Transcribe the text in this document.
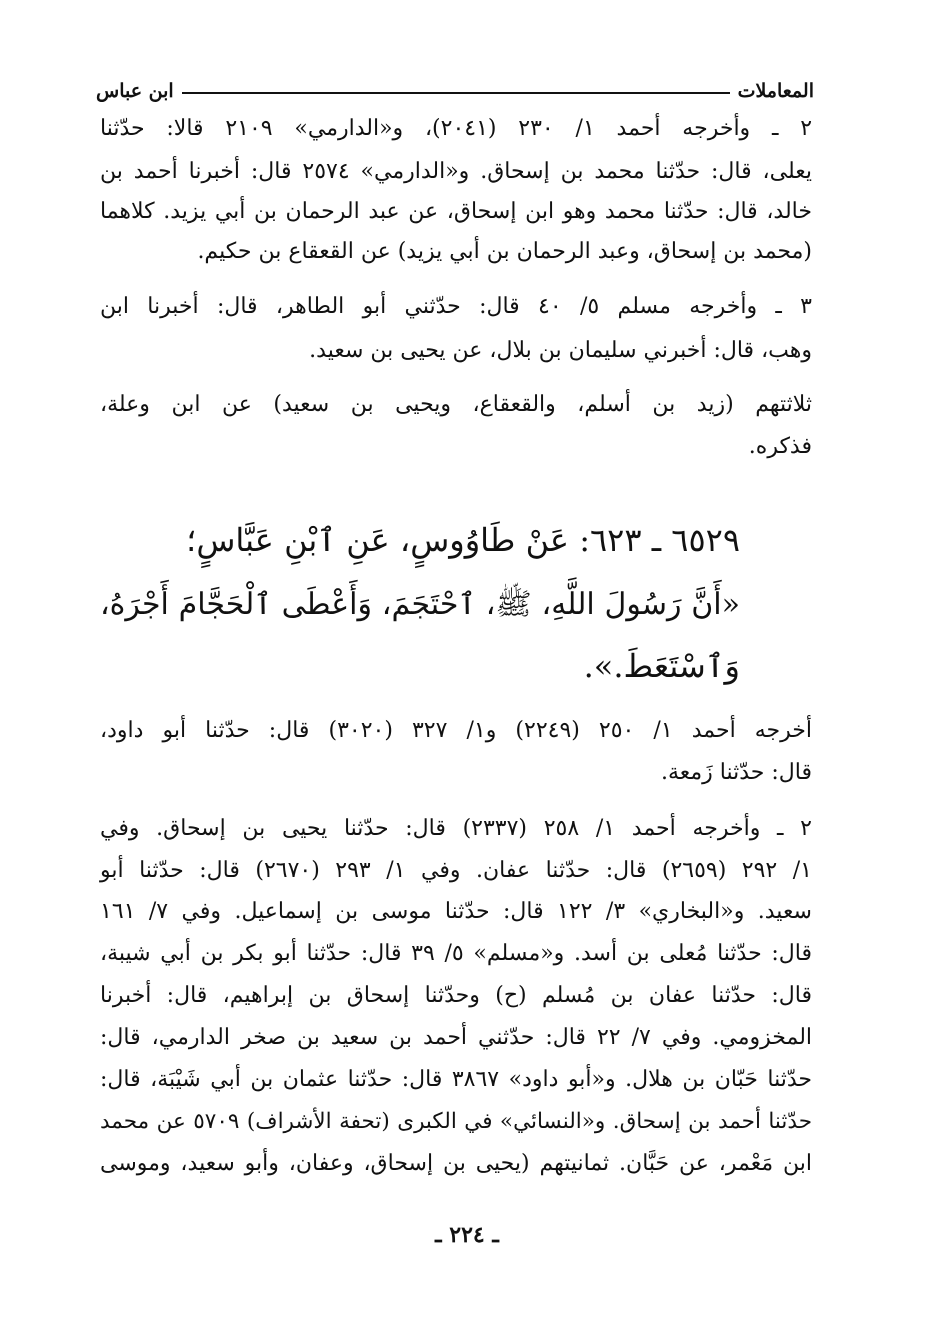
المعاملات
ابن عباس
٢ ـ وأخرجه أحمد ١/ ٢٣٠ (٢٠٤١)، و«الدارمي» ٢١٠٩ قالا: حدّثنا
يعلى، قال: حدّثنا محمد بن إسحاق. و«الدارمي» ٢٥٧٤ قال: أخبرنا أحمد بن
خالد، قال: حدّثنا محمد وهو ابن إسحاق، عن عبد الرحمان بن أبي يزيد. كلاهما
(محمد بن إسحاق، وعبد الرحمان بن أبي يزيد) عن القعقاع بن حكيم.
٣ ـ وأخرجه مسلم ٥/ ٤٠ قال: حدّثني أبو الطاهر، قال: أخبرنا ابن
وهب، قال: أخبرني سليمان بن بلال، عن يحيى بن سعيد.
ثلاثتهم (زيد بن أسلم، والقعقاع، ويحيى بن سعيد) عن ابن وعلة،
فذكره.
٦٥٢٩ ـ ٦٢٣: عَنْ طَاوُوسٍ، عَنِ ٱبْنِ عَبَّاسٍ؛
«أَنَّ رَسُولَ اللَّهِ، ﷺ، ٱحْتَجَمَ، وَأَعْطَى ٱلْحَجَّامَ أَجْرَهُ،
وَٱسْتَعَطَ.».
أخرجه أحمد ١/ ٢٥٠ (٢٢٤٩) و١/ ٣٢٧ (٣٠٢٠) قال: حدّثنا أبو داود،
قال: حدّثنا زَمعة.
٢ ـ وأخرجه أحمد ١/ ٢٥٨ (٢٣٣٧) قال: حدّثنا يحيى بن إسحاق. وفي
١/ ٢٩٢ (٢٦٥٩) قال: حدّثنا عفان. وفي ١/ ٢٩٣ (٢٦٧٠) قال: حدّثنا أبو
سعيد. و«البخاري» ٣/ ١٢٢ قال: حدّثنا موسى بن إسماعيل. وفي ٧/ ١٦١
قال: حدّثنا مُعلى بن أسد. و«مسلم» ٥/ ٣٩ قال: حدّثنا أبو بكر بن أبي شيبة،
قال: حدّثنا عفان بن مُسلم (ح) وحدّثنا إسحاق بن إبراهيم، قال: أخبرنا
المخزومي. وفي ٧/ ٢٢ قال: حدّثني أحمد بن سعيد بن صخر الدارمي، قال:
حدّثنا حَبّان بن هلال. و«أبو داود» ٣٨٦٧ قال: حدّثنا عثمان بن أبي شَيْبَة، قال:
حدّثنا أحمد بن إسحاق. و«النسائي» في الكبرى (تحفة الأشراف) ٥٧٠٩ عن محمد
ابن مَعْمر، عن حَبَّان. ثمانيتهم (يحيى بن إسحاق، وعفان، وأبو سعيد، وموسى
ـ ٢٢٤ ـ
